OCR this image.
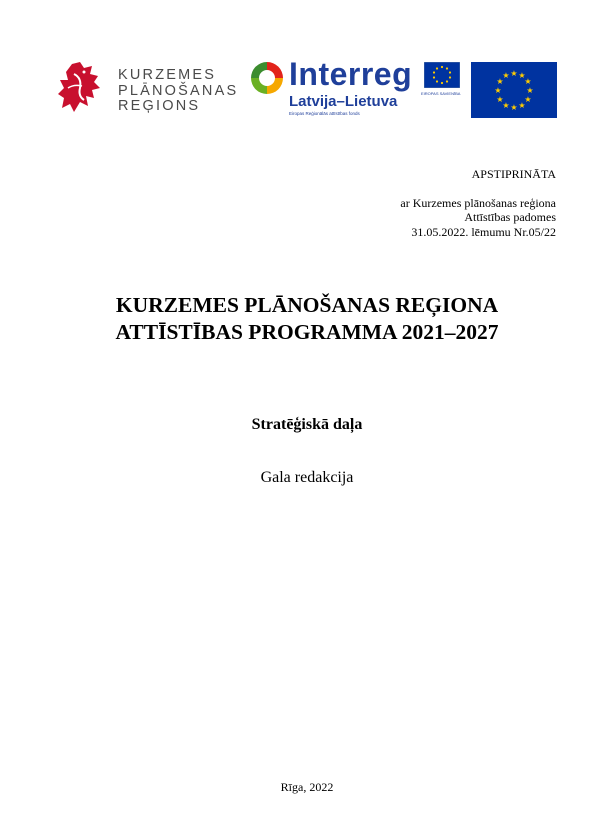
KURZEMES
PLĀNOŠANAS
REĢIONS
Interreg
Latvija–Lietuva
Eiropas Reģionālās attīstības fonds
EIROPAS SAVIENĪBA
★ ★
★
★
★
★
★
★
★
★
★
★
APSTIPRINĀTA
ar Kurzemes plānošanas reģiona
Attīstības padomes
31.05.2022. lēmumu Nr.05/22
KURZEMES PLĀNOŠANAS REĢIONA
ATTĪSTĪBAS PROGRAMMA 2021–2027
Stratēģiskā daļa
Gala redakcija
Rīga, 2022
